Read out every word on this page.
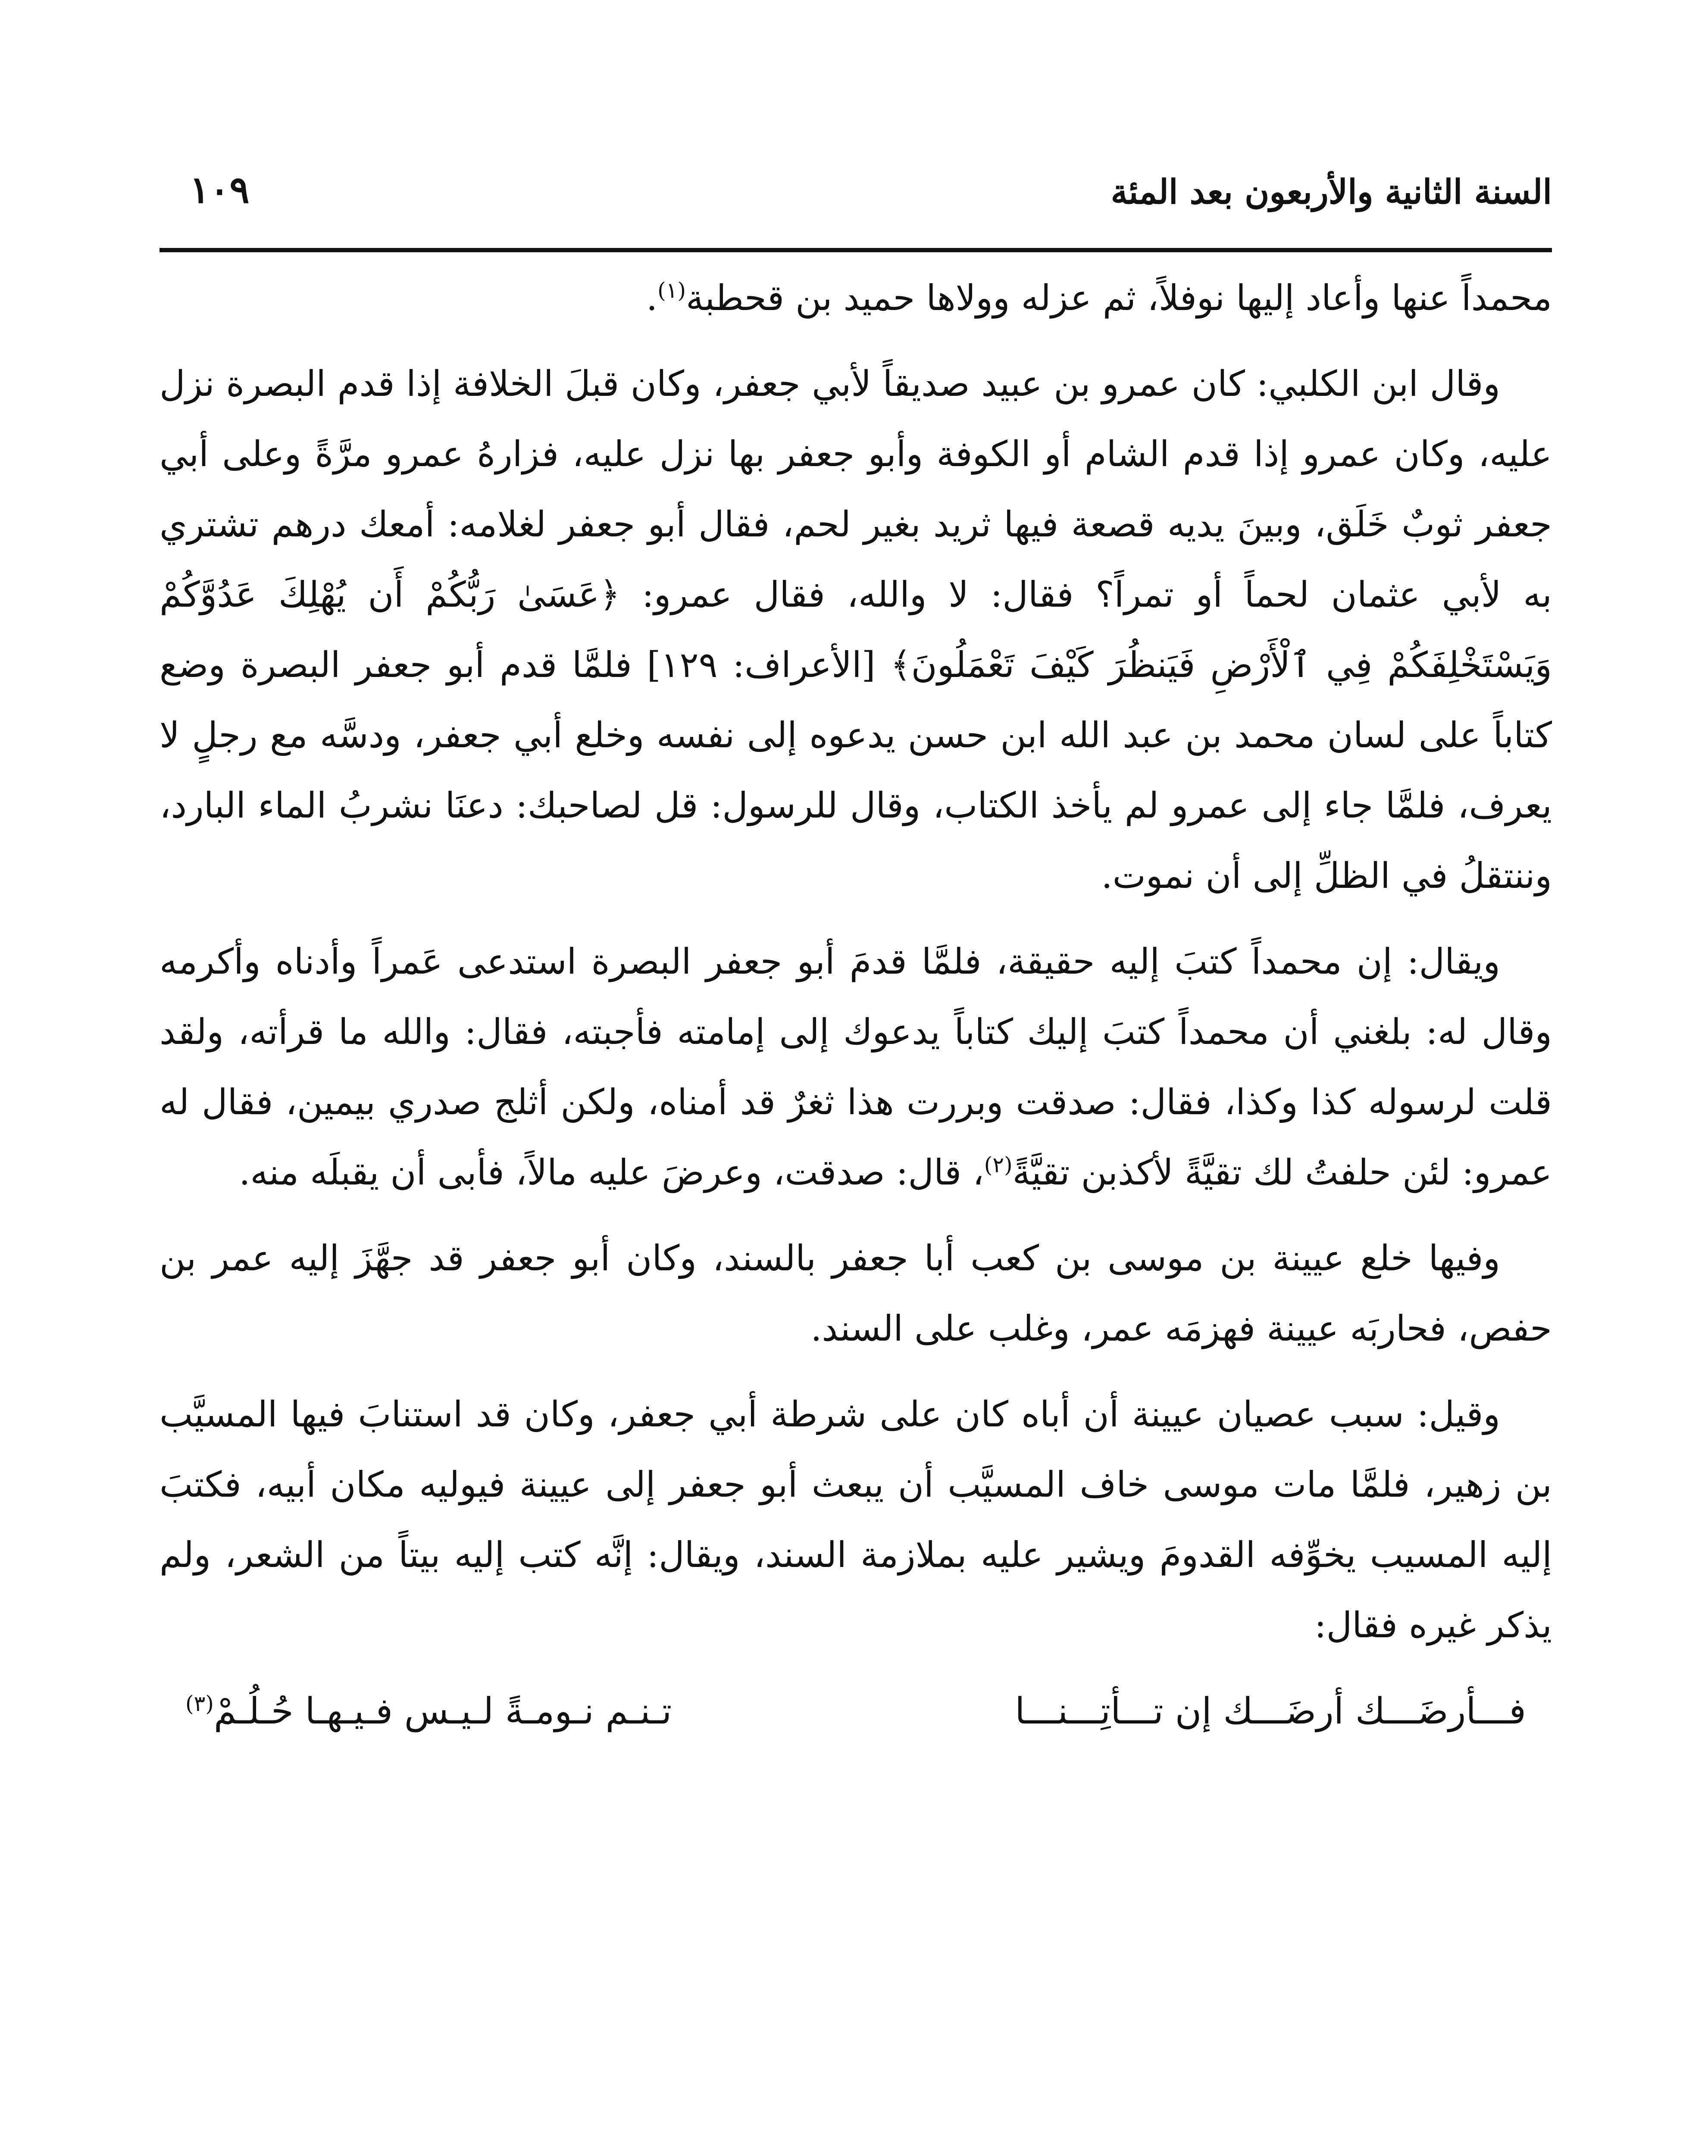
السنة الثانية والأربعون بعد المئة
١٠٩

محمداً عنها وأعاد إليها نوفلاً، ثم عزله وولاها حميد بن قحطبة$^{(١)}$.

وقال ابن الكلبي: كان عمرو بن عبيد صديقاً لأبي جعفر، وكان قبلَ الخلافة إذا قدم البصرة نزل عليه، وكان عمرو إذا قدم الشام أو الكوفة وأبو جعفر بها نزل عليه، فزارهُ عمرو مرَّةً وعلى أبي جعفر ثوبٌ خَلَق، وبينَ يديه قصعة فيها ثريد بغير لحم، فقال أبو جعفر لغلامه: أمعك درهم تشتري به لأبي عثمان لحماً أو تمراً؟ فقال: لا والله، فقال عمرو: ﴿عَسَىٰ رَبُّكُمْ أَن يُهْلِكَ عَدُوَّكُمْ وَيَسْتَخْلِفَكُمْ فِي ٱلْأَرْضِ فَيَنظُرَ كَيْفَ تَعْمَلُونَ﴾ [الأعراف: ١٢٩] فلمَّا قدم أبو جعفر البصرة وضع كتاباً على لسان محمد بن عبد الله ابن حسن يدعوه إلى نفسه وخلع أبي جعفر، ودسَّه مع رجلٍ لا يعرف، فلمَّا جاء إلى عمرو لم يأخذ الكتاب، وقال للرسول: قل لصاحبك: دعنَا نشربُ الماء البارد، وننتقلُ في الظلِّ إلى أن نموت.

ويقال: إن محمداً كتبَ إليه حقيقة، فلمَّا قدمَ أبو جعفر البصرة استدعى عَمراً وأدناه وأكرمه وقال له: بلغني أن محمداً كتبَ إليك كتاباً يدعوك إلى إمامته فأجبته، فقال: والله ما قرأته، ولقد قلت لرسوله كذا وكذا، فقال: صدقت وبررت هذا ثغرٌ قد أمناه، ولكن أثلج صدري بيمين، فقال له عمرو: لئن حلفتُ لك تقيَّةً لأكذبن تقيَّةً$^{(٢)}$، قال: صدقت، وعرضَ عليه مالاً، فأبى أن يقبلَه منه.

وفيها خلع عيينة بن موسى بن كعب أبا جعفر بالسند، وكان أبو جعفر قد جهَّزَ إليه عمر بن حفص، فحاربَه عيينة فهزمَه عمر، وغلب على السند.

وقيل: سبب عصيان عيينة أن أباه كان على شرطة أبي جعفر، وكان قد استنابَ فيها المسيَّب بن زهير، فلمَّا مات موسى خاف المسيَّب أن يبعث أبو جعفر إلى عيينة فيوليه مكان أبيه، فكتبَ إليه المسيب يخوِّفه القدومَ ويشير عليه بملازمة السند، ويقال: إنَّه كتب إليه بيتاً من الشعر، ولم يذكر غيره فقال:

فـــأرضَـــك أرضَـــك إن تـــأتِـــنـــا
تـنـم نـومـةً لـيـس فـيـهـا حُـلُـمْ$^{(٣)}$
